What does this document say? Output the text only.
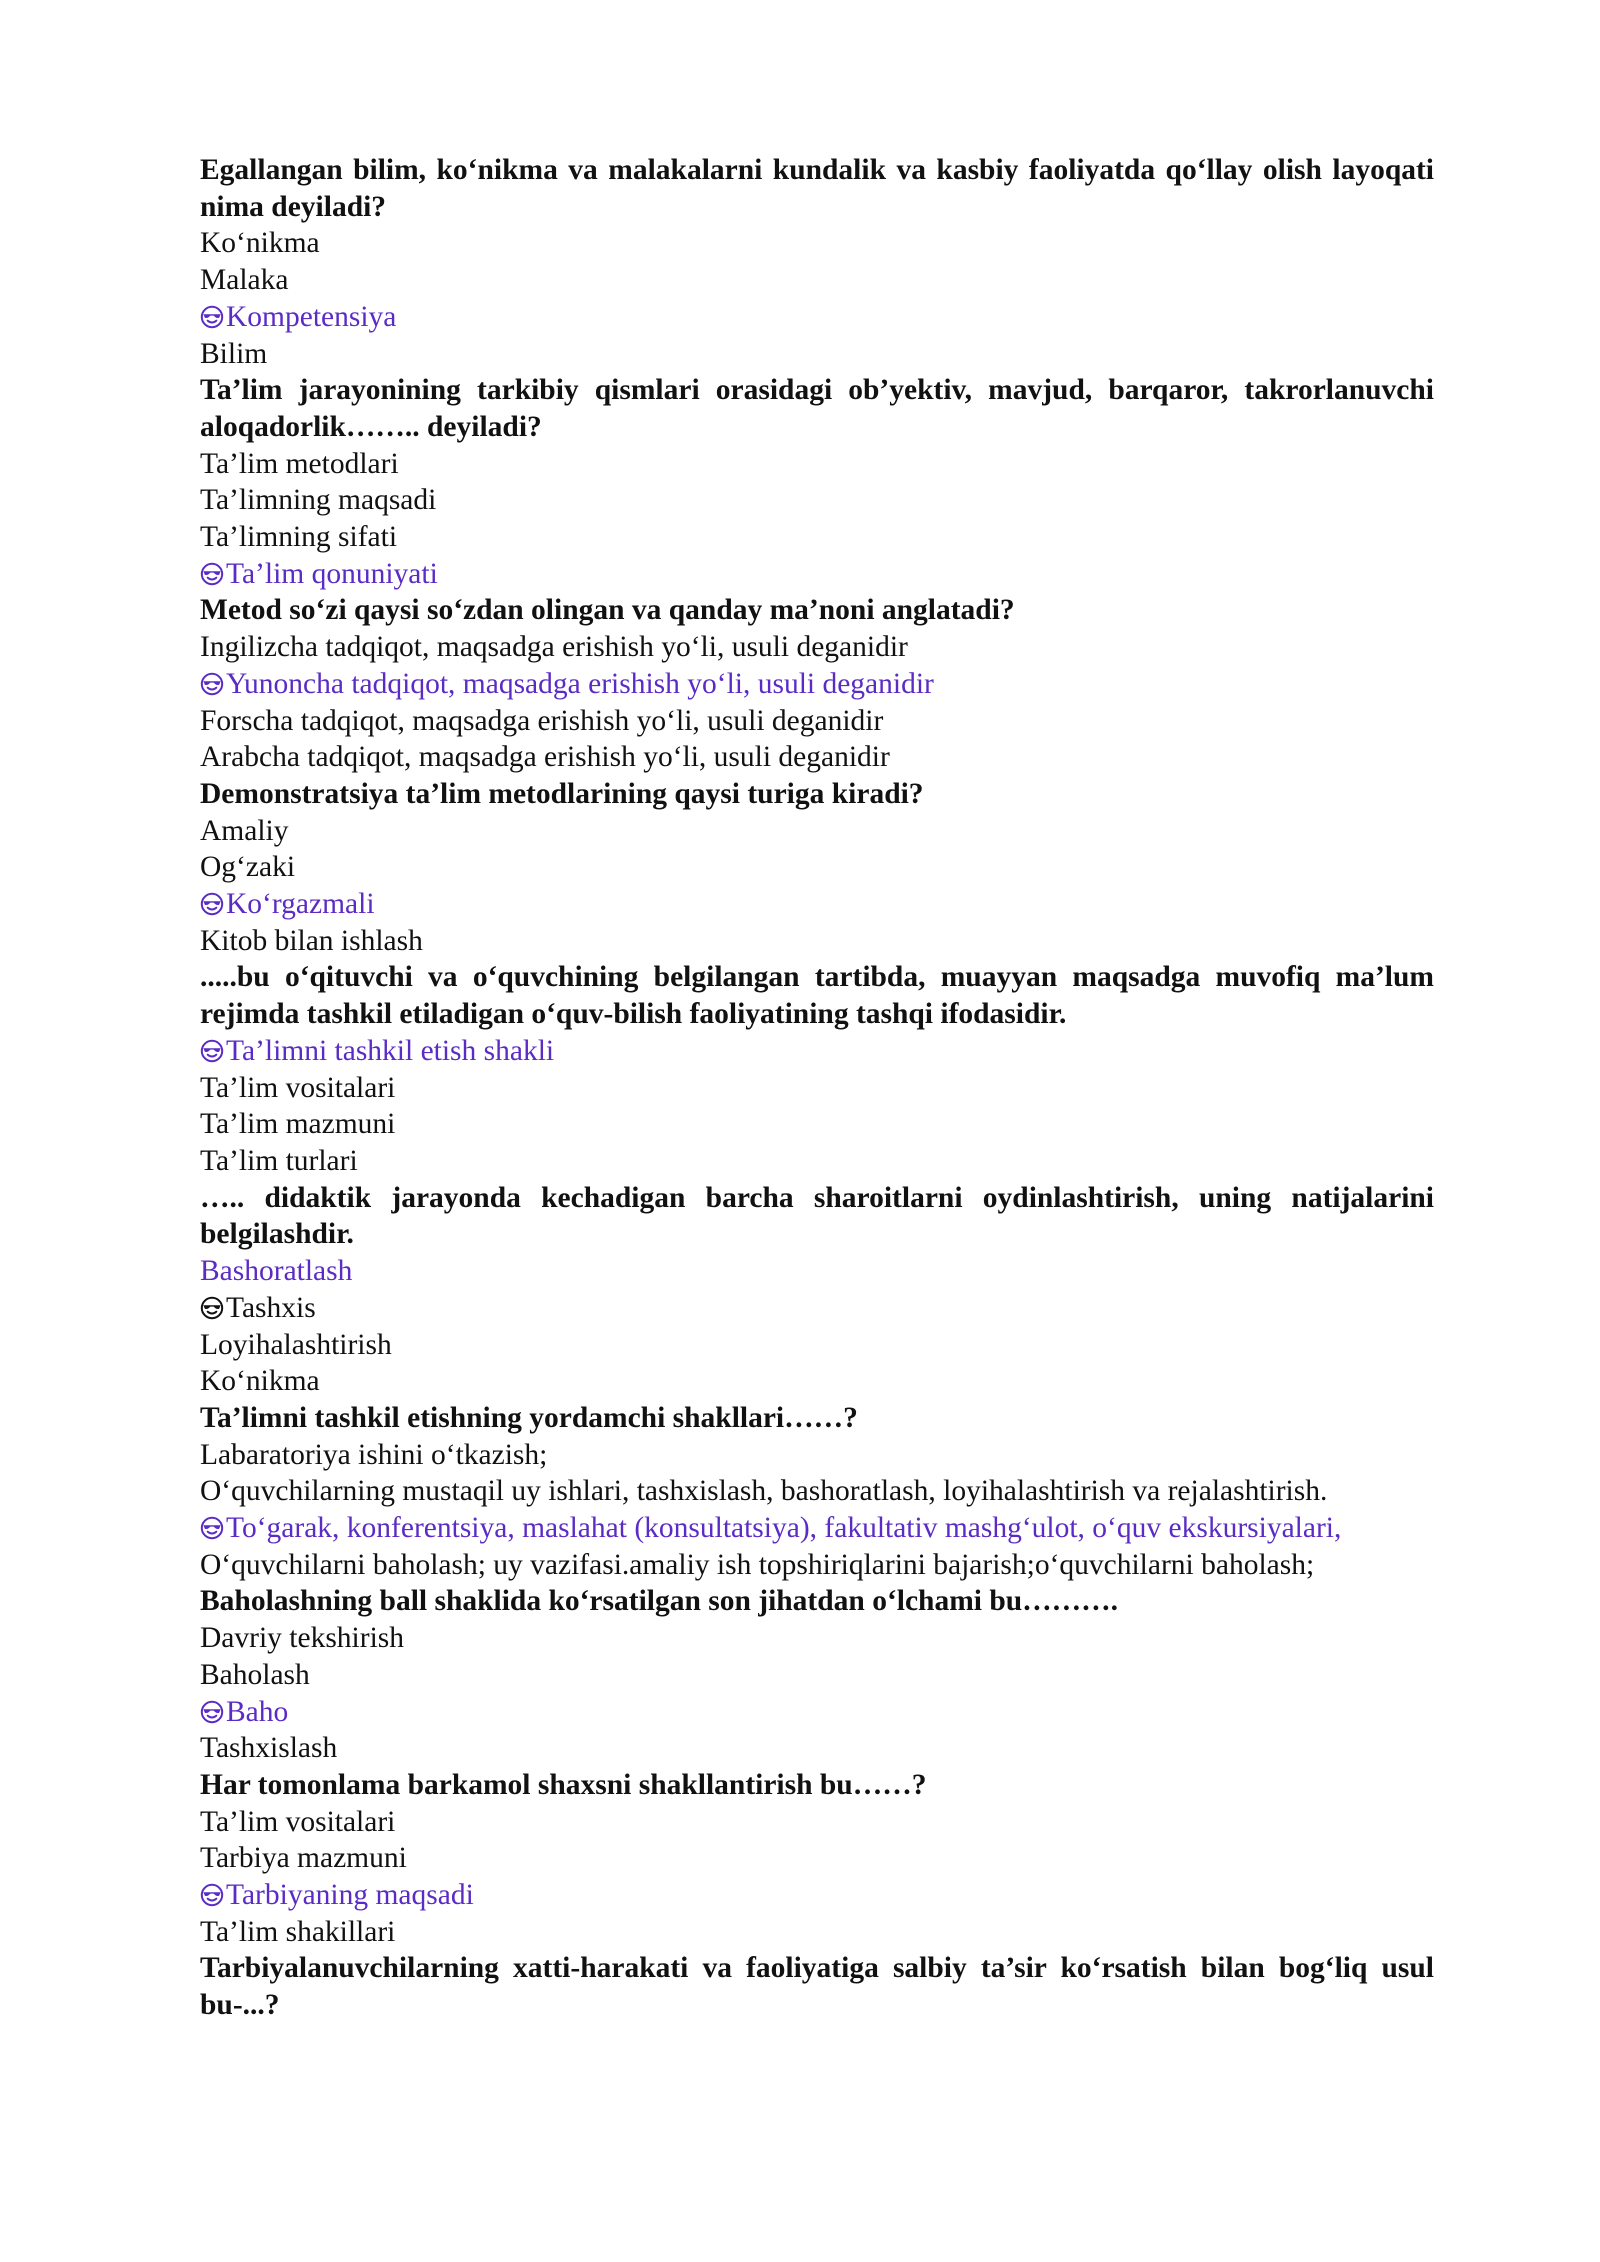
Egallangan bilim, ko‘nikma va malakalarni kundalik va kasbiy faoliyatda qo‘llay olish layoqati nima deyiladi?

Ko‘nikma

Malaka

Kompetensiya

Bilim

Ta’lim jarayonining tarkibiy qismlari orasidagi ob’yektiv, mavjud, barqaror, takrorlanuvchi aloqadorlik…….. deyiladi?

Ta’lim metodlari

Ta’limning maqsadi

Ta’limning sifati

Ta’lim qonuniyati

Metod so‘zi qaysi so‘zdan olingan va qanday ma’noni anglatadi?

Ingilizcha tadqiqot, maqsadga erishish yo‘li, usuli deganidir

Yunoncha tadqiqot, maqsadga erishish yo‘li, usuli deganidir

Forscha tadqiqot, maqsadga erishish yo‘li, usuli deganidir

Arabcha tadqiqot, maqsadga erishish yo‘li, usuli deganidir

Demonstratsiya ta’lim metodlarining qaysi turiga kiradi?

Amaliy

Og‘zaki

Ko‘rgazmali

Kitob bilan ishlash

.....bu o‘qituvchi va o‘quvchining belgilangan tartibda, muayyan maqsadga muvofiq ma’lum rejimda tashkil etiladigan o‘quv-bilish faoliyatining tashqi ifodasidir.

Ta’limni tashkil etish shakli

Ta’lim vositalari

Ta’lim mazmuni

Ta’lim turlari

….. didaktik jarayonda kechadigan barcha sharoitlarni oydinlashtirish, uning natijalarini belgilashdir.

Bashoratlash

Tashxis

Loyihalashtirish

Ko‘nikma

Ta’limni tashkil etishning yordamchi shakllari……?

Labaratoriya ishini o‘tkazish;

O‘quvchilarning mustaqil uy ishlari, tashxislash, bashoratlash, loyihalashtirish va rejalashtirish.

To‘garak, konferentsiya, maslahat (konsultatsiya), fakultativ mashg‘ulot, o‘quv ekskursiyalari,

O‘quvchilarni baholash; uy vazifasi.amaliy ish topshiriqlarini bajarish;o‘quvchilarni baholash;

Baholashning ball shaklida ko‘rsatilgan son jihatdan o‘lchami bu……….

Davriy tekshirish

Baholash

Baho

Tashxislash

Har tomonlama barkamol shaxsni shakllantirish bu……?

Ta’lim vositalari

Tarbiya mazmuni

Tarbiyaning maqsadi

Ta’lim shakillari

Tarbiyalanuvchilarning xatti-harakati va faoliyatiga salbiy ta’sir ko‘rsatish bilan bog‘liq usul bu-...?
